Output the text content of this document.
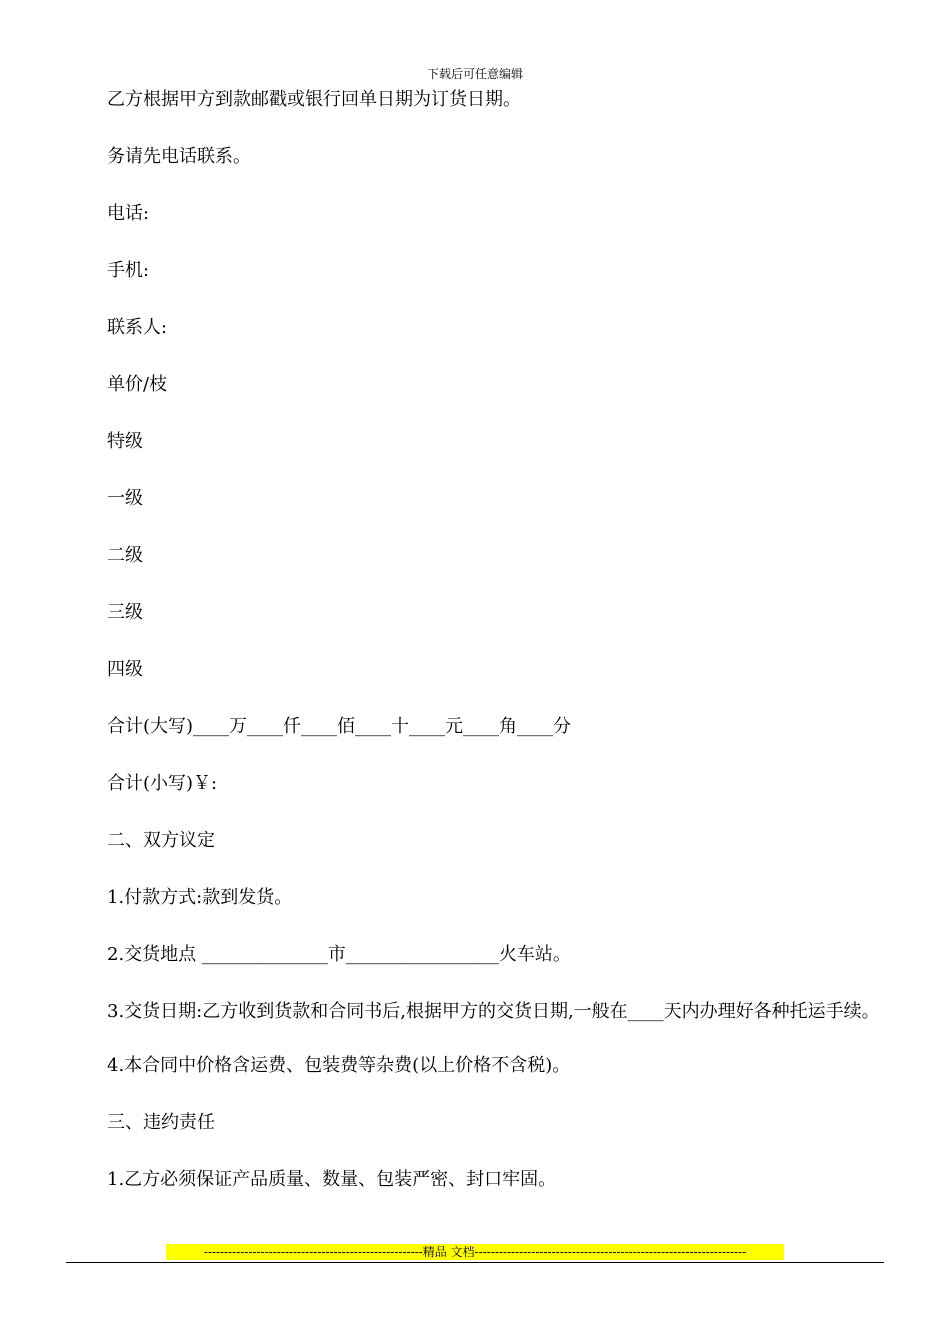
下载后可任意编辑

乙方根据甲方到款邮戳或银行回单日期为订货日期。

务请先电话联系。

电话:

手机:

联系人:

单价/枝

特级

一级

二级

三级

四级

合计(大写)____万____仟____佰____十____元____角____分

合计(小写)￥:

二、双方议定

1.付款方式:款到发货。

2.交货地点 ______________市_________________火车站。

3.交货日期:乙方收到货款和合同书后,根据甲方的交货日期,一般在____天内办理好各种托运手续。

4.本合同中价格含运费、包装费等杂费(以上价格不含税)。

三、违约责任

1.乙方必须保证产品质量、数量、包装严密、封口牢固。

------------------------------------------------------精品 文档-------------------------------------------------------------------
